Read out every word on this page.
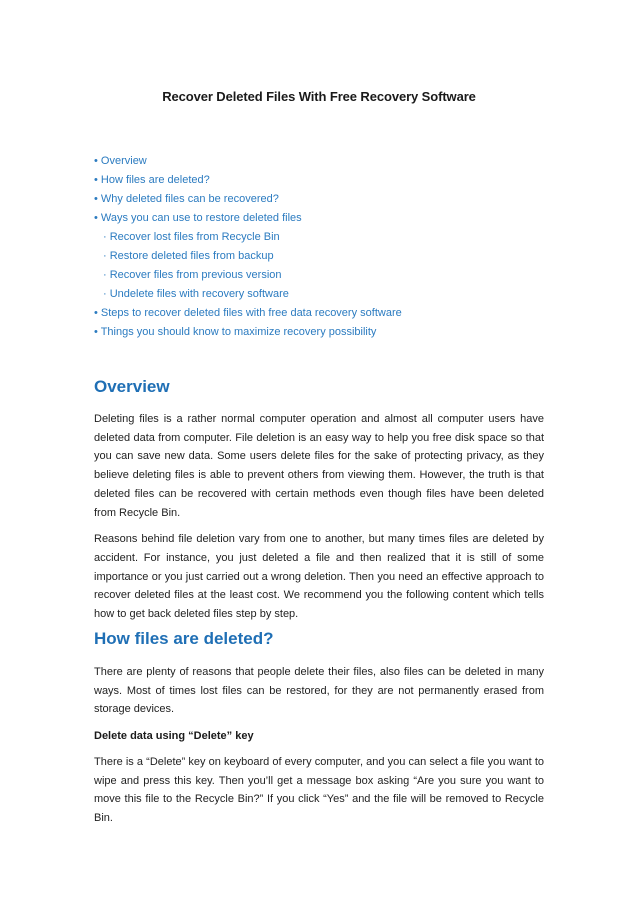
Recover Deleted Files With Free Recovery Software
• Overview
• How files are deleted?
• Why deleted files can be recovered?
• Ways you can use to restore deleted files
· Recover lost files from Recycle Bin
· Restore deleted files from backup
· Recover files from previous version
· Undelete files with recovery software
• Steps to recover deleted files with free data recovery software
• Things you should know to maximize recovery possibility
Overview

Deleting files is a rather normal computer operation and almost all computer users have deleted data from computer. File deletion is an easy way to help you free disk space so that you can save new data. Some users delete files for the sake of protecting privacy, as they believe deleting files is able to prevent others from viewing them. However, the truth is that deleted files can be recovered with certain methods even though files have been deleted from Recycle Bin.

Reasons behind file deletion vary from one to another, but many times files are deleted by accident. For instance, you just deleted a file and then realized that it is still of some importance or you just carried out a wrong deletion. Then you need an effective approach to recover deleted files at the least cost. We recommend you the following content which tells how to get back deleted files step by step.

How files are deleted?

There are plenty of reasons that people delete their files, also files can be deleted in many ways. Most of times lost files can be restored, for they are not permanently erased from storage devices.

Delete data using “Delete” key

There is a “Delete” key on keyboard of every computer, and you can select a file you want to wipe and press this key. Then you’ll get a message box asking “Are you sure you want to move this file to the Recycle Bin?” If you click “Yes” and the file will be removed to Recycle Bin.
